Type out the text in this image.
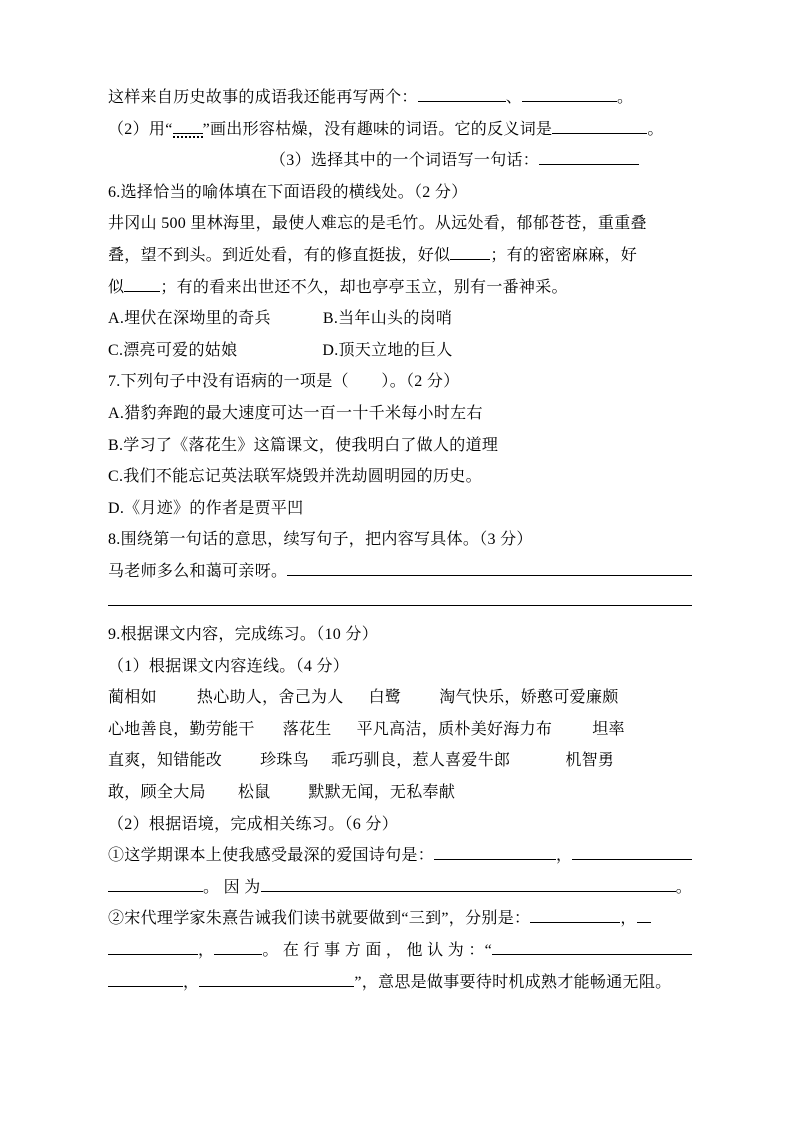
这样来自历史故事的成语我还能再写两个：	、	。
（2）用“ ”画出形容枯燥，没有趣味的词语。它的反义词是	。
（3）选择其中的一个词语写一句话：
6.选择恰当的喻体填在下面语段的横线处。（2 分）
井冈山 500 里林海里，最使人难忘的是毛竹。从远处看，郁郁苍苍，重重叠
叠，望不到头。到近处看，有的修直挺拔，好似	；有的密密麻麻，好
似 ；有的看来出世还不久，却也亭亭玉立，别有一番神采。
A.埋伏在深坳里的奇兵	B.当年山头的岗哨
C.漂亮可爱的姑娘	D.顶天立地的巨人
7.下列句子中没有语病的一项是（　　）。（2 分）
A.猎豹奔跑的最大速度可达一百一十千米每小时左右
B.学习了《落花生》这篇课文，使我明白了做人的道理
C.我们不能忘记英法联军烧毁并洗劫圆明园的历史。
D.《月迹》的作者是贾平凹
8.围绕第一句话的意思，续写句子，把内容写具体。（3 分）
马老师多么和蔼可亲呀。
9.根据课文内容，完成练习。（10 分）
（1）根据课文内容连线。（4 分）
蔺相如	热心助人，舍己为人 白鹭 淘气快乐，娇憨可爱廉颇
心地善良，勤劳能干 落花生 平凡高洁，质朴美好海力布	坦率
直爽，知错能改 珍珠鸟 乖巧驯良，惹人喜爱牛郎	机智勇
敢，顾全大局 松鼠 默默无闻，无私奉献
（2）根据语境，完成相关练习。（6 分）
①这学期课本上使我感受最深的爱国诗句是：	，
。 因 为	。
②宋代理学家朱熹告诫我们读书就要做到“三到”，分别是：	，
，	。 在 行 事 方 面 ， 他 认 为 ：“
，	”，意思是做事要待时机成熟才能畅通无阻。
